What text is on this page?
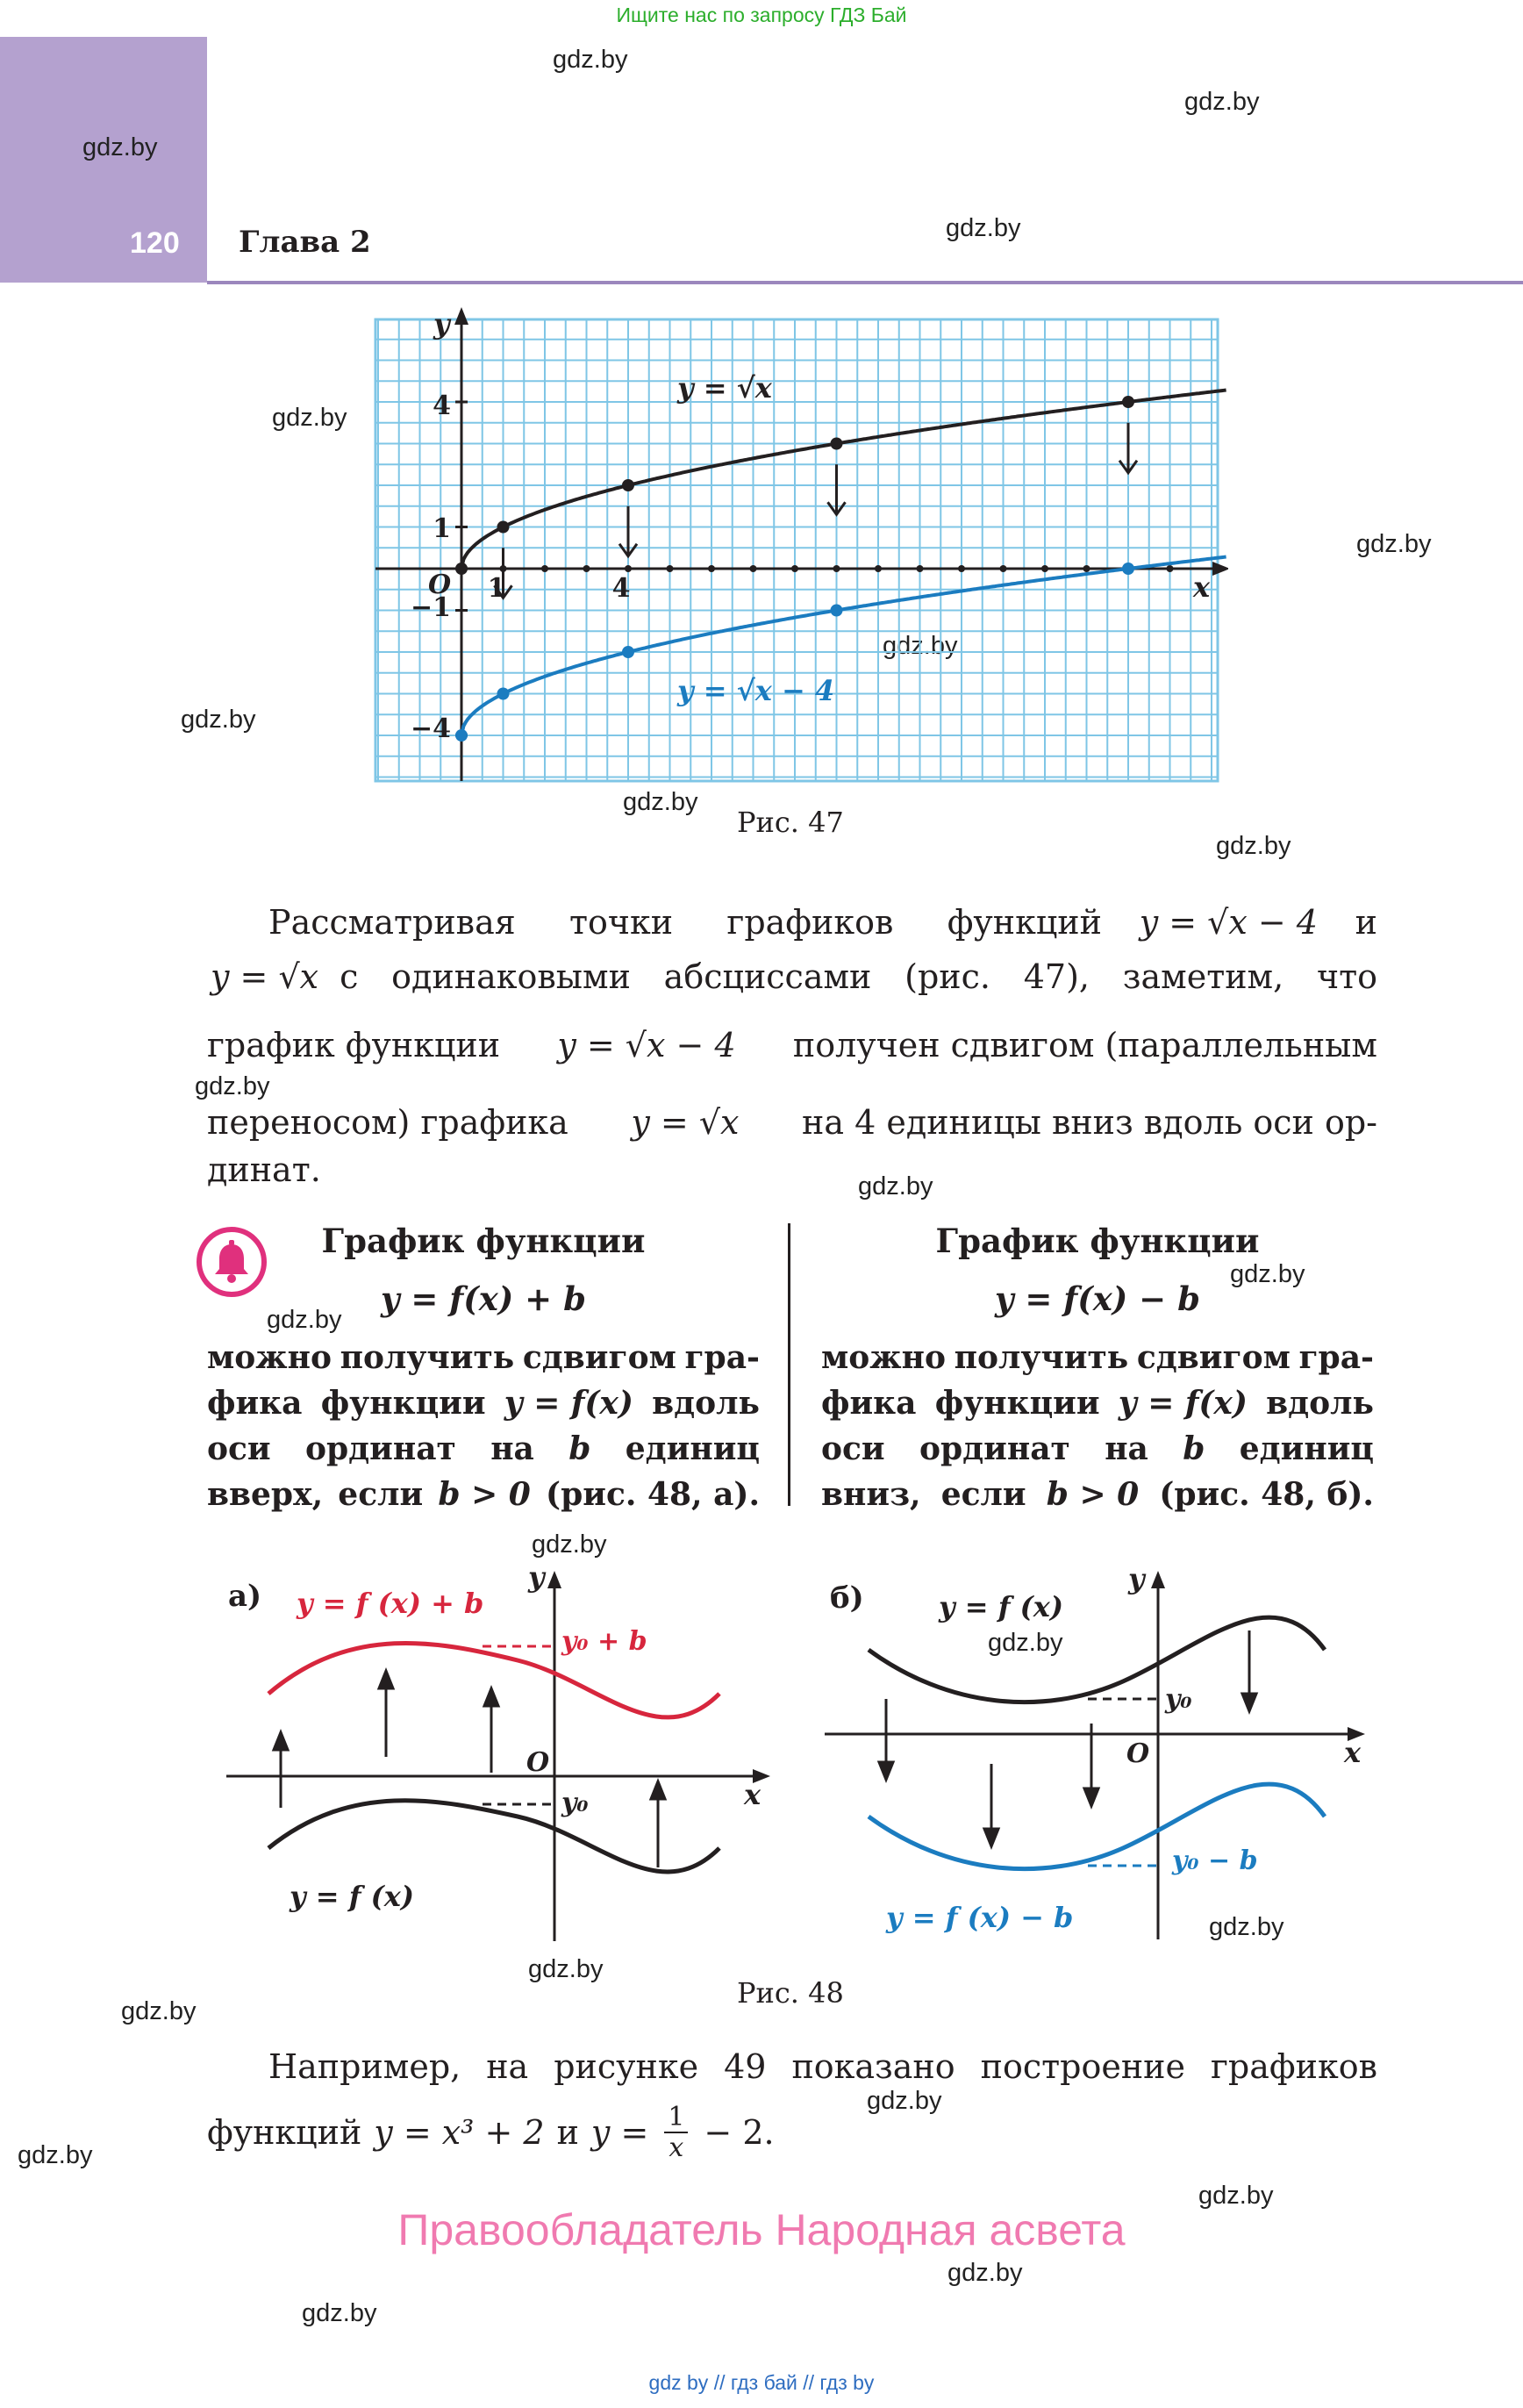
Ищите нас по запросу ГДЗ Бай
120 Глава 2
gdz.by
gdz.by
gdz.by
gdz.by
gdz.by
gdz.by
gdz.by
gdz.by
gdz.by
gdz.by
gdz.by
gdz.by
gdz.by
gdz.by
gdz.by
gdz.by
gdz.by
gdz.by
gdz.by
gdz.by
gdz.by
gdz.by
gdz.by
gdz.by
y = √x
y = √x − 4
x
y
O 1	4
4
1
−1
−4
Рис. 47
Рассматривая точки графиков функций y = √x − 4 и
y = √x с одинаковыми абсциссами (рис. 47), заметим, что
график функции y = √x − 4 получен сдвигом (параллельным
переносом) графика y = √x на 4 единицы вниз вдоль оси ор-
динат.
График функции
y = f(x) + b
можно получить сдвигом гра-
фика функции y = f(x) вдоль
оси ординат на b единиц
вверх, если b > 0 (рис. 48, а).
График функции
y = f(x) − b
можно получить сдвигом гра-
фика функции y = f(x) вдоль
оси ординат на b единиц
вниз, если b > 0 (рис. 48, б).
а) y = f (x) + b
y₀ + b
y₀
y = f (x)
O
x
y
б)	y = f (x)
y₀
y₀ − b
y = f (x) − b
O	x
y
Рис. 48
Например, на рисунке 49 показано построение графиков
функций y = x³ + 2 и $y = \frac{1}{x} - 2$.
Правообладатель Народная асвета
gdz by // гдз бай // гдз by
